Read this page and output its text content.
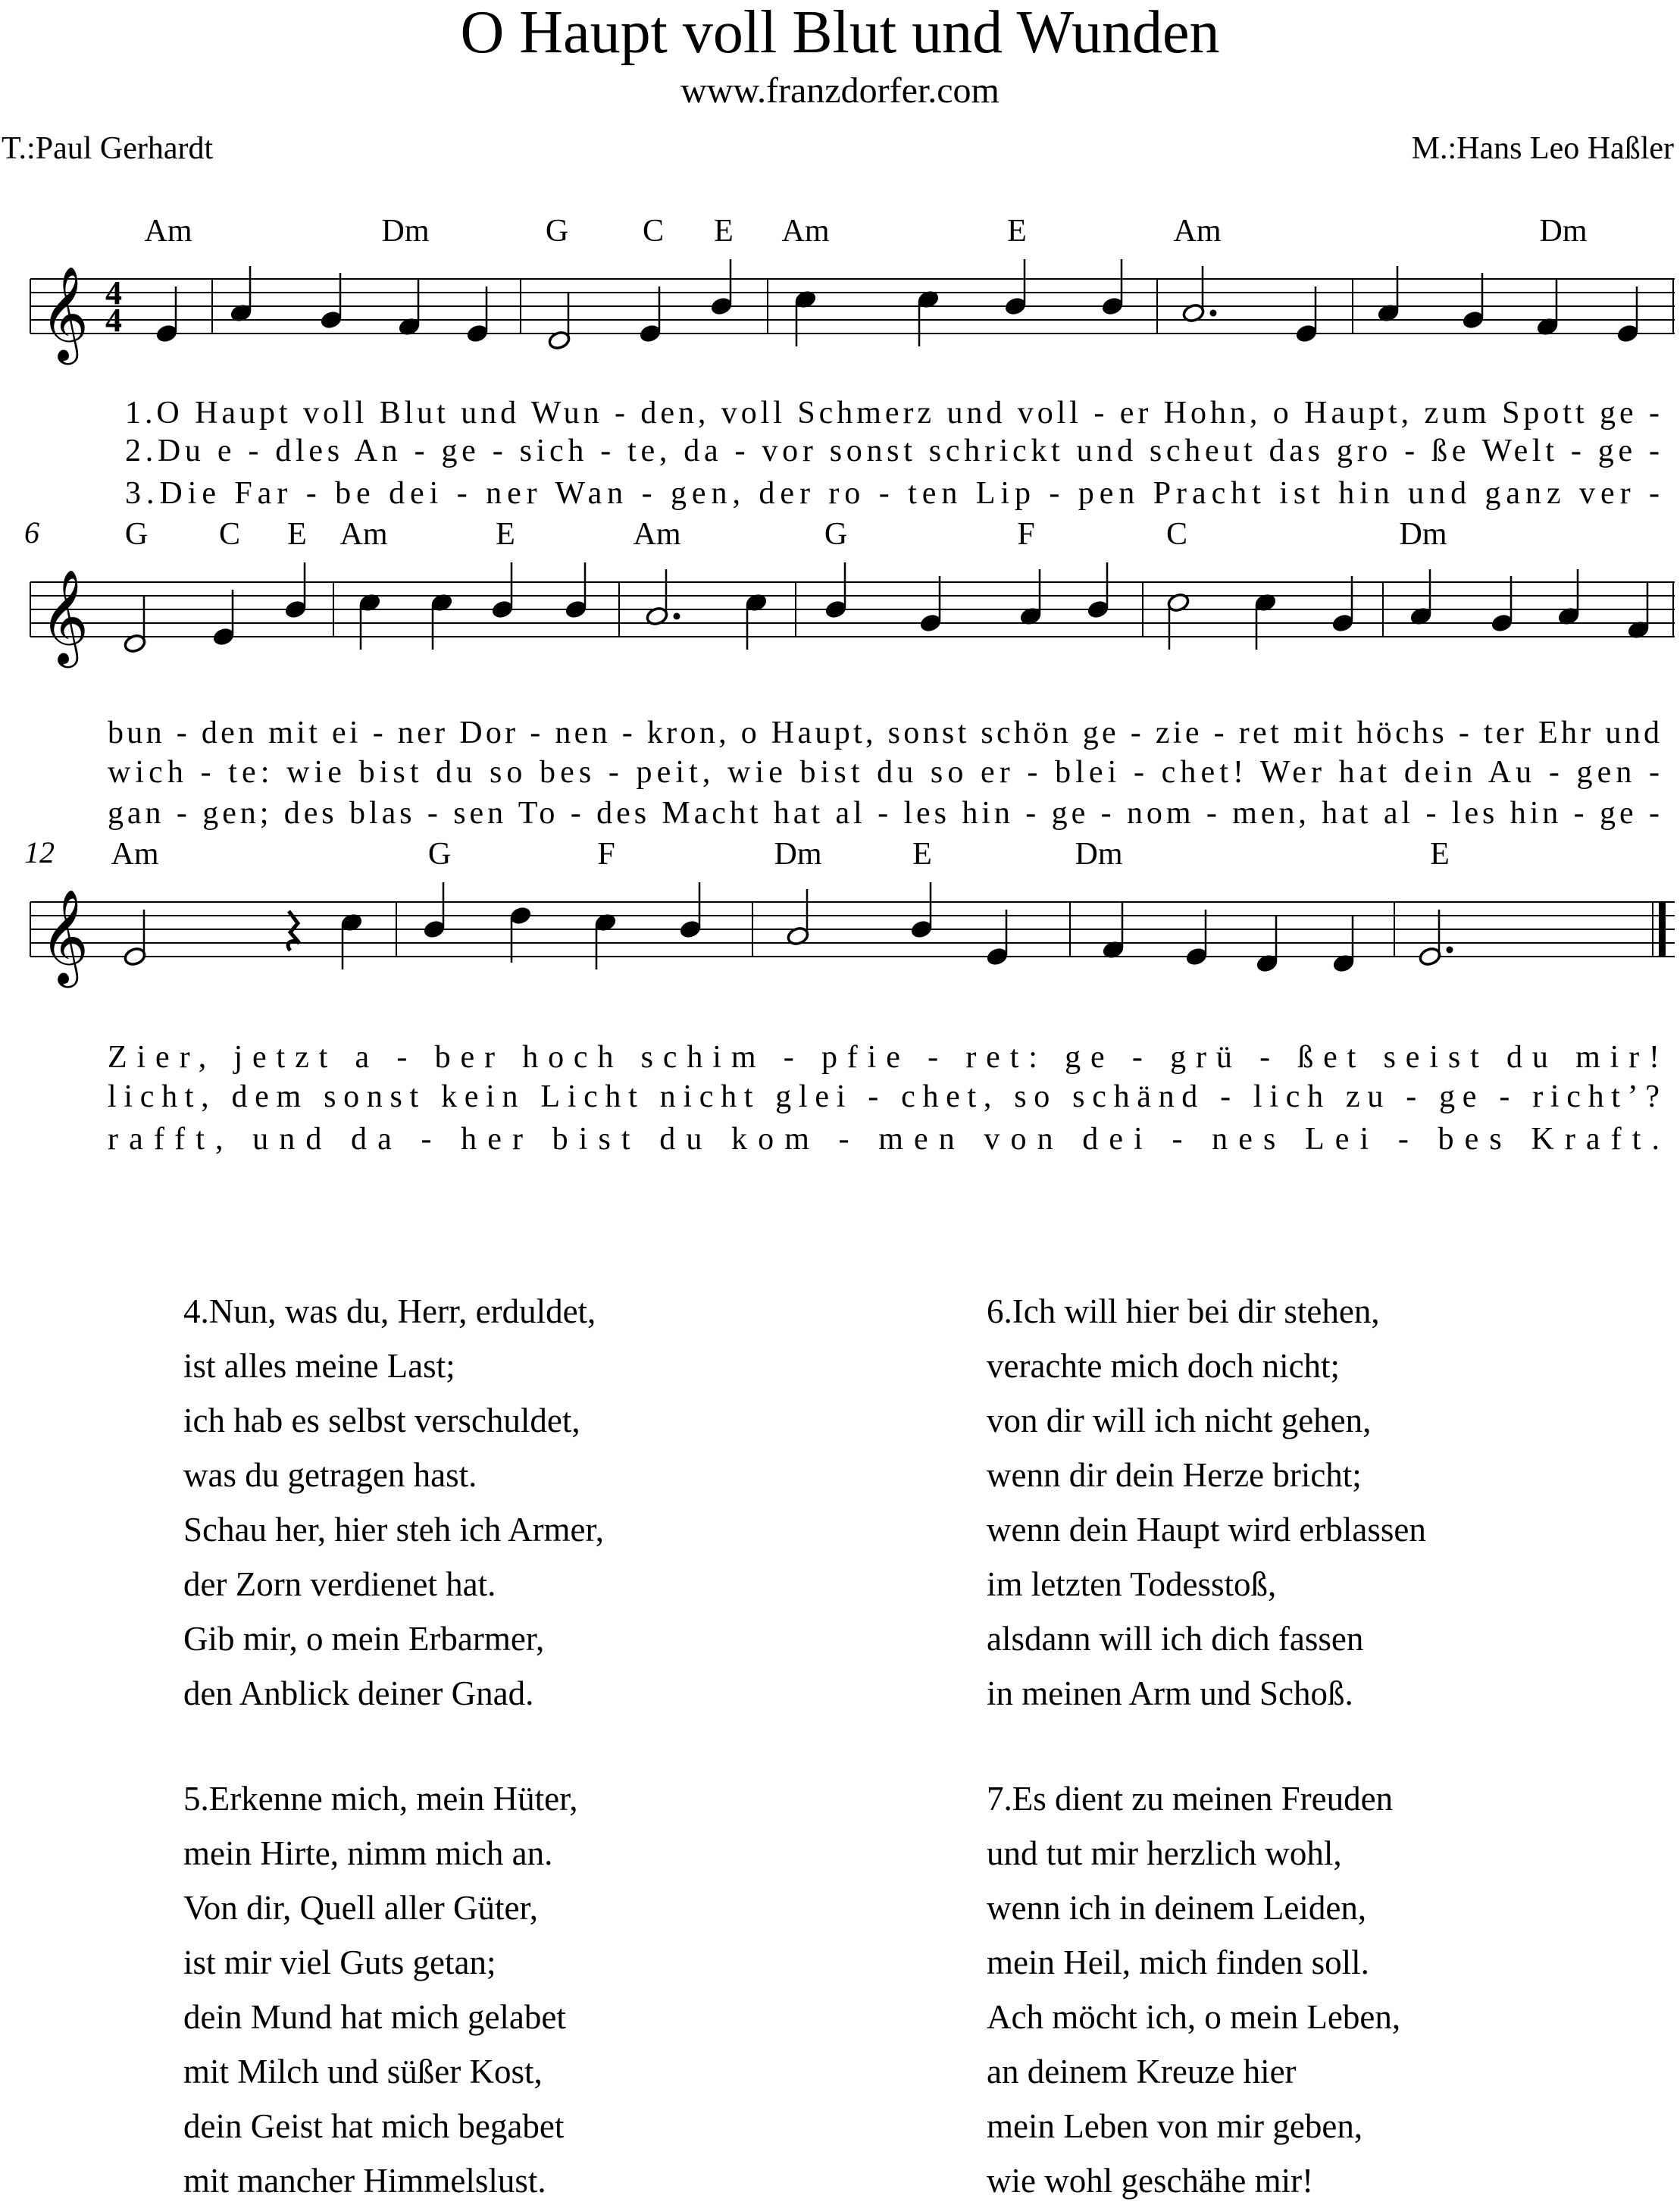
O Haupt voll Blut und Wunden
www.franzdorfer.com
T.:Paul Gerhardt	M.:Hans Leo Haßler
𝄞 4
4
Am	Dm	G C E Am	E	Am	Dm
1.O Haupt voll Blut und Wun - den, voll Schmerz und voll - er Hohn, o Haupt, zum Spott ge -
2.Du e - dles An - ge - sich - te, da - vor sonst schrickt und scheut das gro - ße Welt - ge -
3.Die Far - be dei - ner Wan - gen, der ro - ten Lip - pen Pracht ist hin und ganz ver -
𝄞
6	G C E Am	E	Am	G	F	C	Dm
bun - den mit ei - ner Dor - nen - kron, o Haupt, sonst schön ge - zie - ret mit höchs - ter Ehr und
wich - te: wie bist du so bes - peit, wie bist du so er - blei - chet! Wer hat dein Au - gen -
gan - gen; des blas - sen To - des Macht hat al - les hin - ge - nom - men, hat al - les hin - ge -
𝄞
12 Am	G	F	Dm	E	Dm	E
Zier, jetzt a - ber hoch schim - pfie - ret: ge - grü - ßet seist du mir!
licht, dem sonst kein Licht nicht glei - chet, so schänd - lich zu - ge - richt’?
rafft, und da - her bist du kom - men von dei - nes Lei - bes Kraft.
4.Nun, was du, Herr, erduldet,
ist alles meine Last;
ich hab es selbst verschuldet,
was du getragen hast.
Schau her, hier steh ich Armer,
der Zorn verdienet hat.
Gib mir, o mein Erbarmer,
den Anblick deiner Gnad.
5.Erkenne mich, mein Hüter,
mein Hirte, nimm mich an.
Von dir, Quell aller Güter,
ist mir viel Guts getan;
dein Mund hat mich gelabet
mit Milch und süßer Kost,
dein Geist hat mich begabet
mit mancher Himmelslust.
6.Ich will hier bei dir stehen,
verachte mich doch nicht;
von dir will ich nicht gehen,
wenn dir dein Herze bricht;
wenn dein Haupt wird erblassen
im letzten Todesstoß,
alsdann will ich dich fassen
in meinen Arm und Schoß.
7.Es dient zu meinen Freuden
und tut mir herzlich wohl,
wenn ich in deinem Leiden,
mein Heil, mich finden soll.
Ach möcht ich, o mein Leben,
an deinem Kreuze hier
mein Leben von mir geben,
wie wohl geschähe mir!
